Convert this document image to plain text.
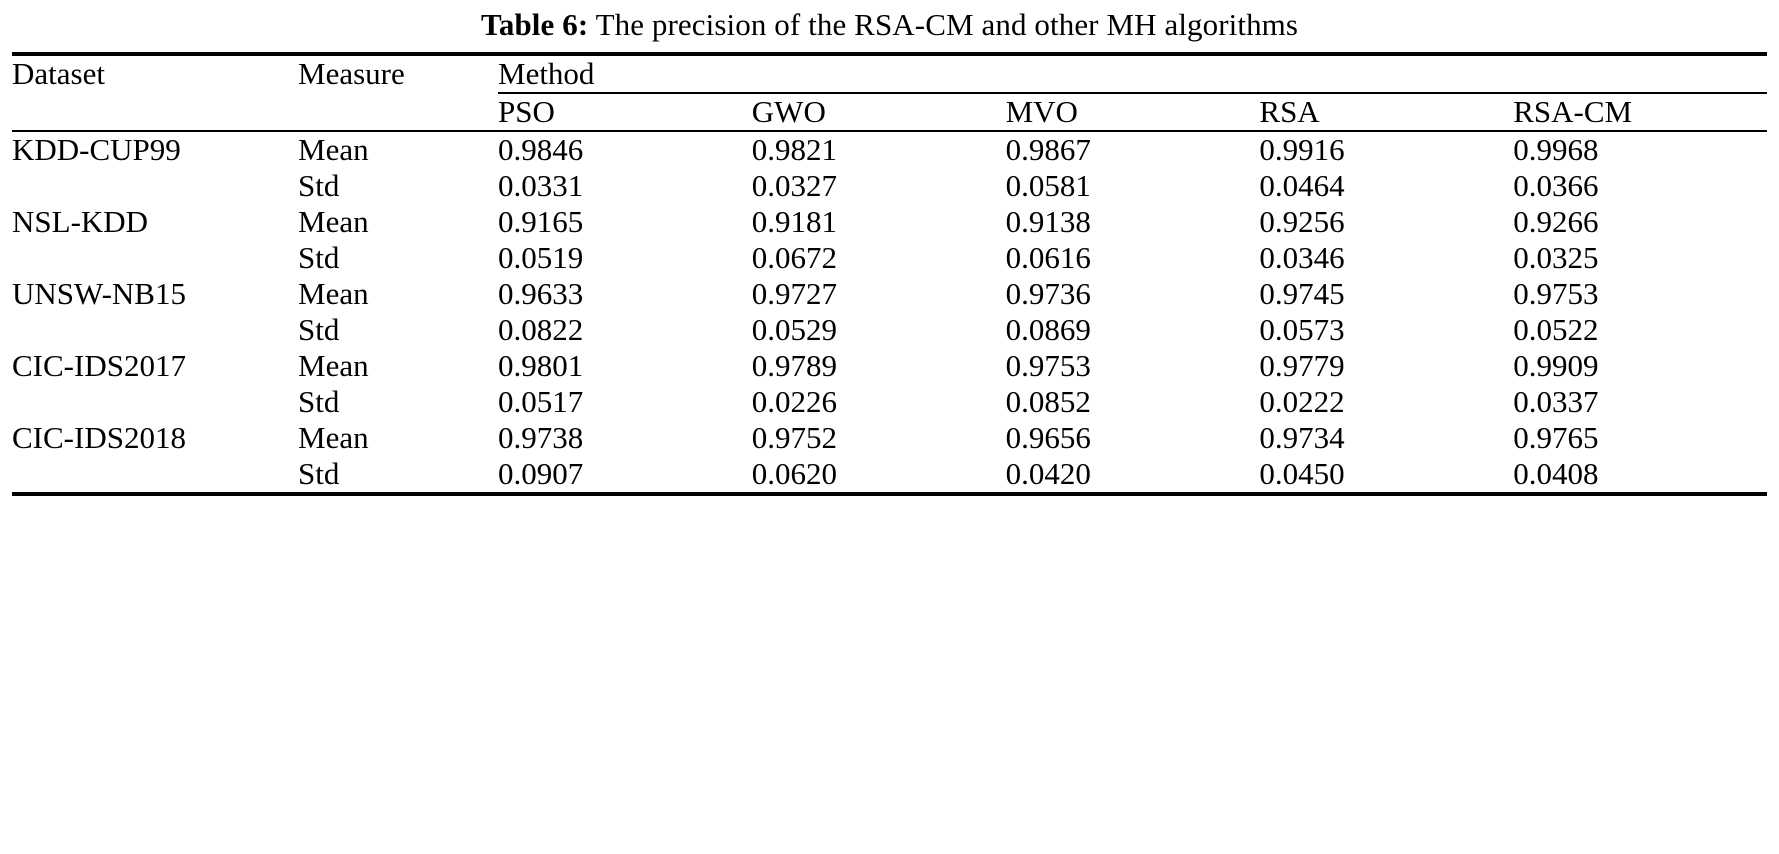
Table 6: The precision of the RSA-CM and other MH algorithms

Dataset	Measure	Method				

		PSO	GWO	MVO	RSA	RSA-CM

KDD-CUP99	Mean	0.9846	0.9821	0.9867	0.9916	0.9968
	Std	0.0331	0.0327	0.0581	0.0464	0.0366
NSL-KDD	Mean	0.9165	0.9181	0.9138	0.9256	0.9266
	Std	0.0519	0.0672	0.0616	0.0346	0.0325
UNSW-NB15	Mean	0.9633	0.9727	0.9736	0.9745	0.9753
	Std	0.0822	0.0529	0.0869	0.0573	0.0522
CIC-IDS2017	Mean	0.9801	0.9789	0.9753	0.9779	0.9909
	Std	0.0517	0.0226	0.0852	0.0222	0.0337
CIC-IDS2018	Mean	0.9738	0.9752	0.9656	0.9734	0.9765
	Std	0.0907	0.0620	0.0420	0.0450	0.0408
